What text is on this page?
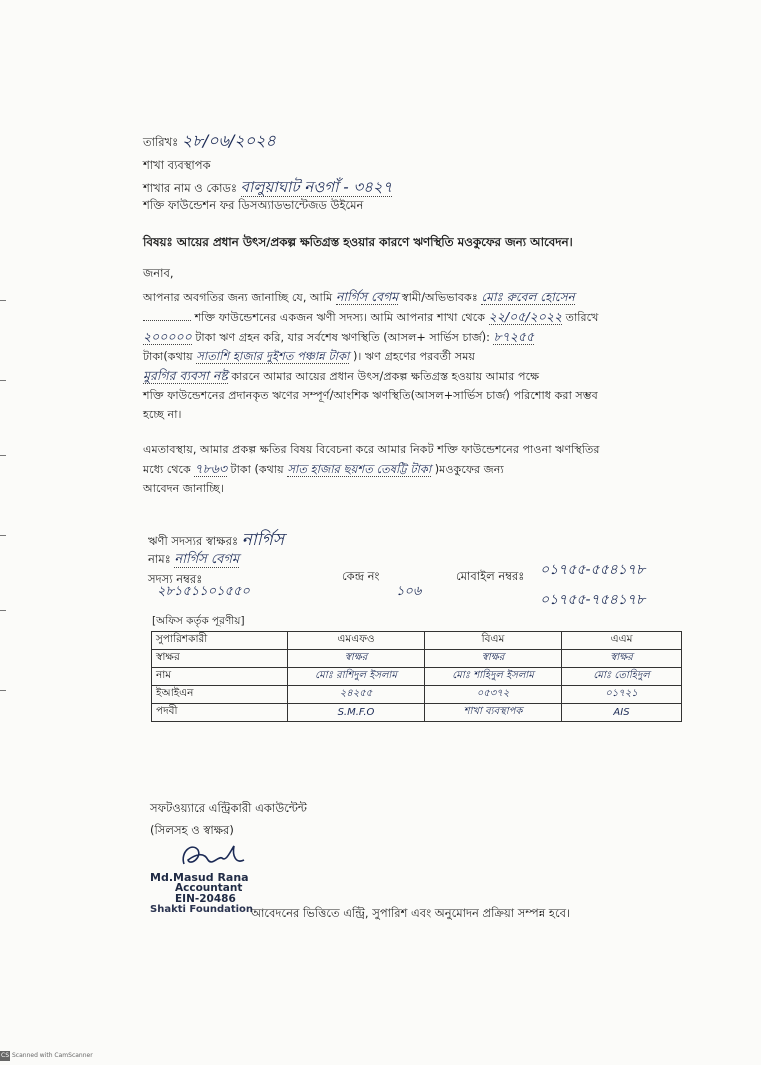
তারিখঃ ২৮/০৬/২০২৪
শাখা ব্যবস্থাপক
শাখার নাম ও কোডঃ বালুয়াঘাট নওগাঁ - ৩৪২৭
শক্তি ফাউন্ডেশন ফর ডিসঅ্যাডভান্টেজড উইমেন
বিষয়ঃ আয়ের প্রধান উৎস/প্রকল্প ক্ষতিগ্রস্ত হওয়ার কারণে ঋণস্থিতি মওকুফের জন্য আবেদন।
জনাব,
আপনার অবগতির জন্য জানাচ্ছি যে, আমি নার্গিস বেগম স্বামী/অভিভাবকঃ মোঃ রুবেল হোসেন
শক্তি ফাউন্ডেশনের একজন ঋণী সদস্য। আমি আপনার শাখা থেকে ২২/০৫/২০২২ তারিখে
২০০০০০ টাকা ঋণ গ্রহন করি, যার সর্বশেষ ঋণস্থিতি (আসল+ সার্ভিস চার্জ): ৮৭২৫৫
টাকা(কথায় সাতাশি হাজার দুইশত পঞ্চান্ন টাকা )। ঋণ গ্রহণের পরবর্তী সময়
মুরগির ব্যবসা নষ্ট কারনে আমার আয়ের প্রধান উৎস/প্রকল্প ক্ষতিগ্রস্ত হওয়ায় আমার পক্ষে
শক্তি ফাউন্ডেশনের প্রদানকৃত ঋণের সম্পূর্ণ/আংশিক ঋণস্থিতি(আসল+সার্ভিস চার্জ) পরিশোধ করা সম্ভব
হচ্ছে না।
এমতাবস্থায়, আমার প্রকল্প ক্ষতির বিষয় বিবেচনা করে আমার নিকট শক্তি ফাউন্ডেশনের পাওনা ঋণস্থিতির
মধ্যে থেকে ৭৮৬৩ টাকা (কথায় সাত হাজার ছয়শত তেষট্টি টাকা )মওকুফের জন্য
আবেদন জানাচ্ছি।
ঋণী সদস্যর স্বাক্ষরঃ নার্গিস
নামঃ নার্গিস বেগম
সদস্য নম্বরঃ
২৮১৫১১০১৫৫০
কেন্দ্র নং
১০৬
মোবাইল নম্বরঃ ০১৭৫৫-৫৫৪১৭৮
০১৭৫৫-৭৫৪১৭৮
[অফিস কর্তৃক পূরণীয়]
সুপারিশকারী	এমএফও	বিএম	এএম
স্বাক্ষর	স্বাক্ষর	স্বাক্ষর	স্বাক্ষর
নাম	মোঃ রাশিদুল ইসলাম	মোঃ শাহিদুল ইসলাম	মোঃ তোহিদুল
ইআইএন	২৪২৫৫	০৫৩৭২	০১৭২১
পদবী	S.M.F.O	শাখা ব্যবস্থাপক	AIS
সফটওয়্যারে এন্ট্রিকারী একাউন্টেন্ট
(সিলসহ ও স্বাক্ষর)
Md.Masud Rana
Accountant
EIN-20486
Shakti Foundation
আবেদনের ভিত্তিতে এন্ট্রি, সুপারিশ এবং অনুমোদন প্রক্রিয়া সম্পন্ন হবে।
CS Scanned with CamScanner
